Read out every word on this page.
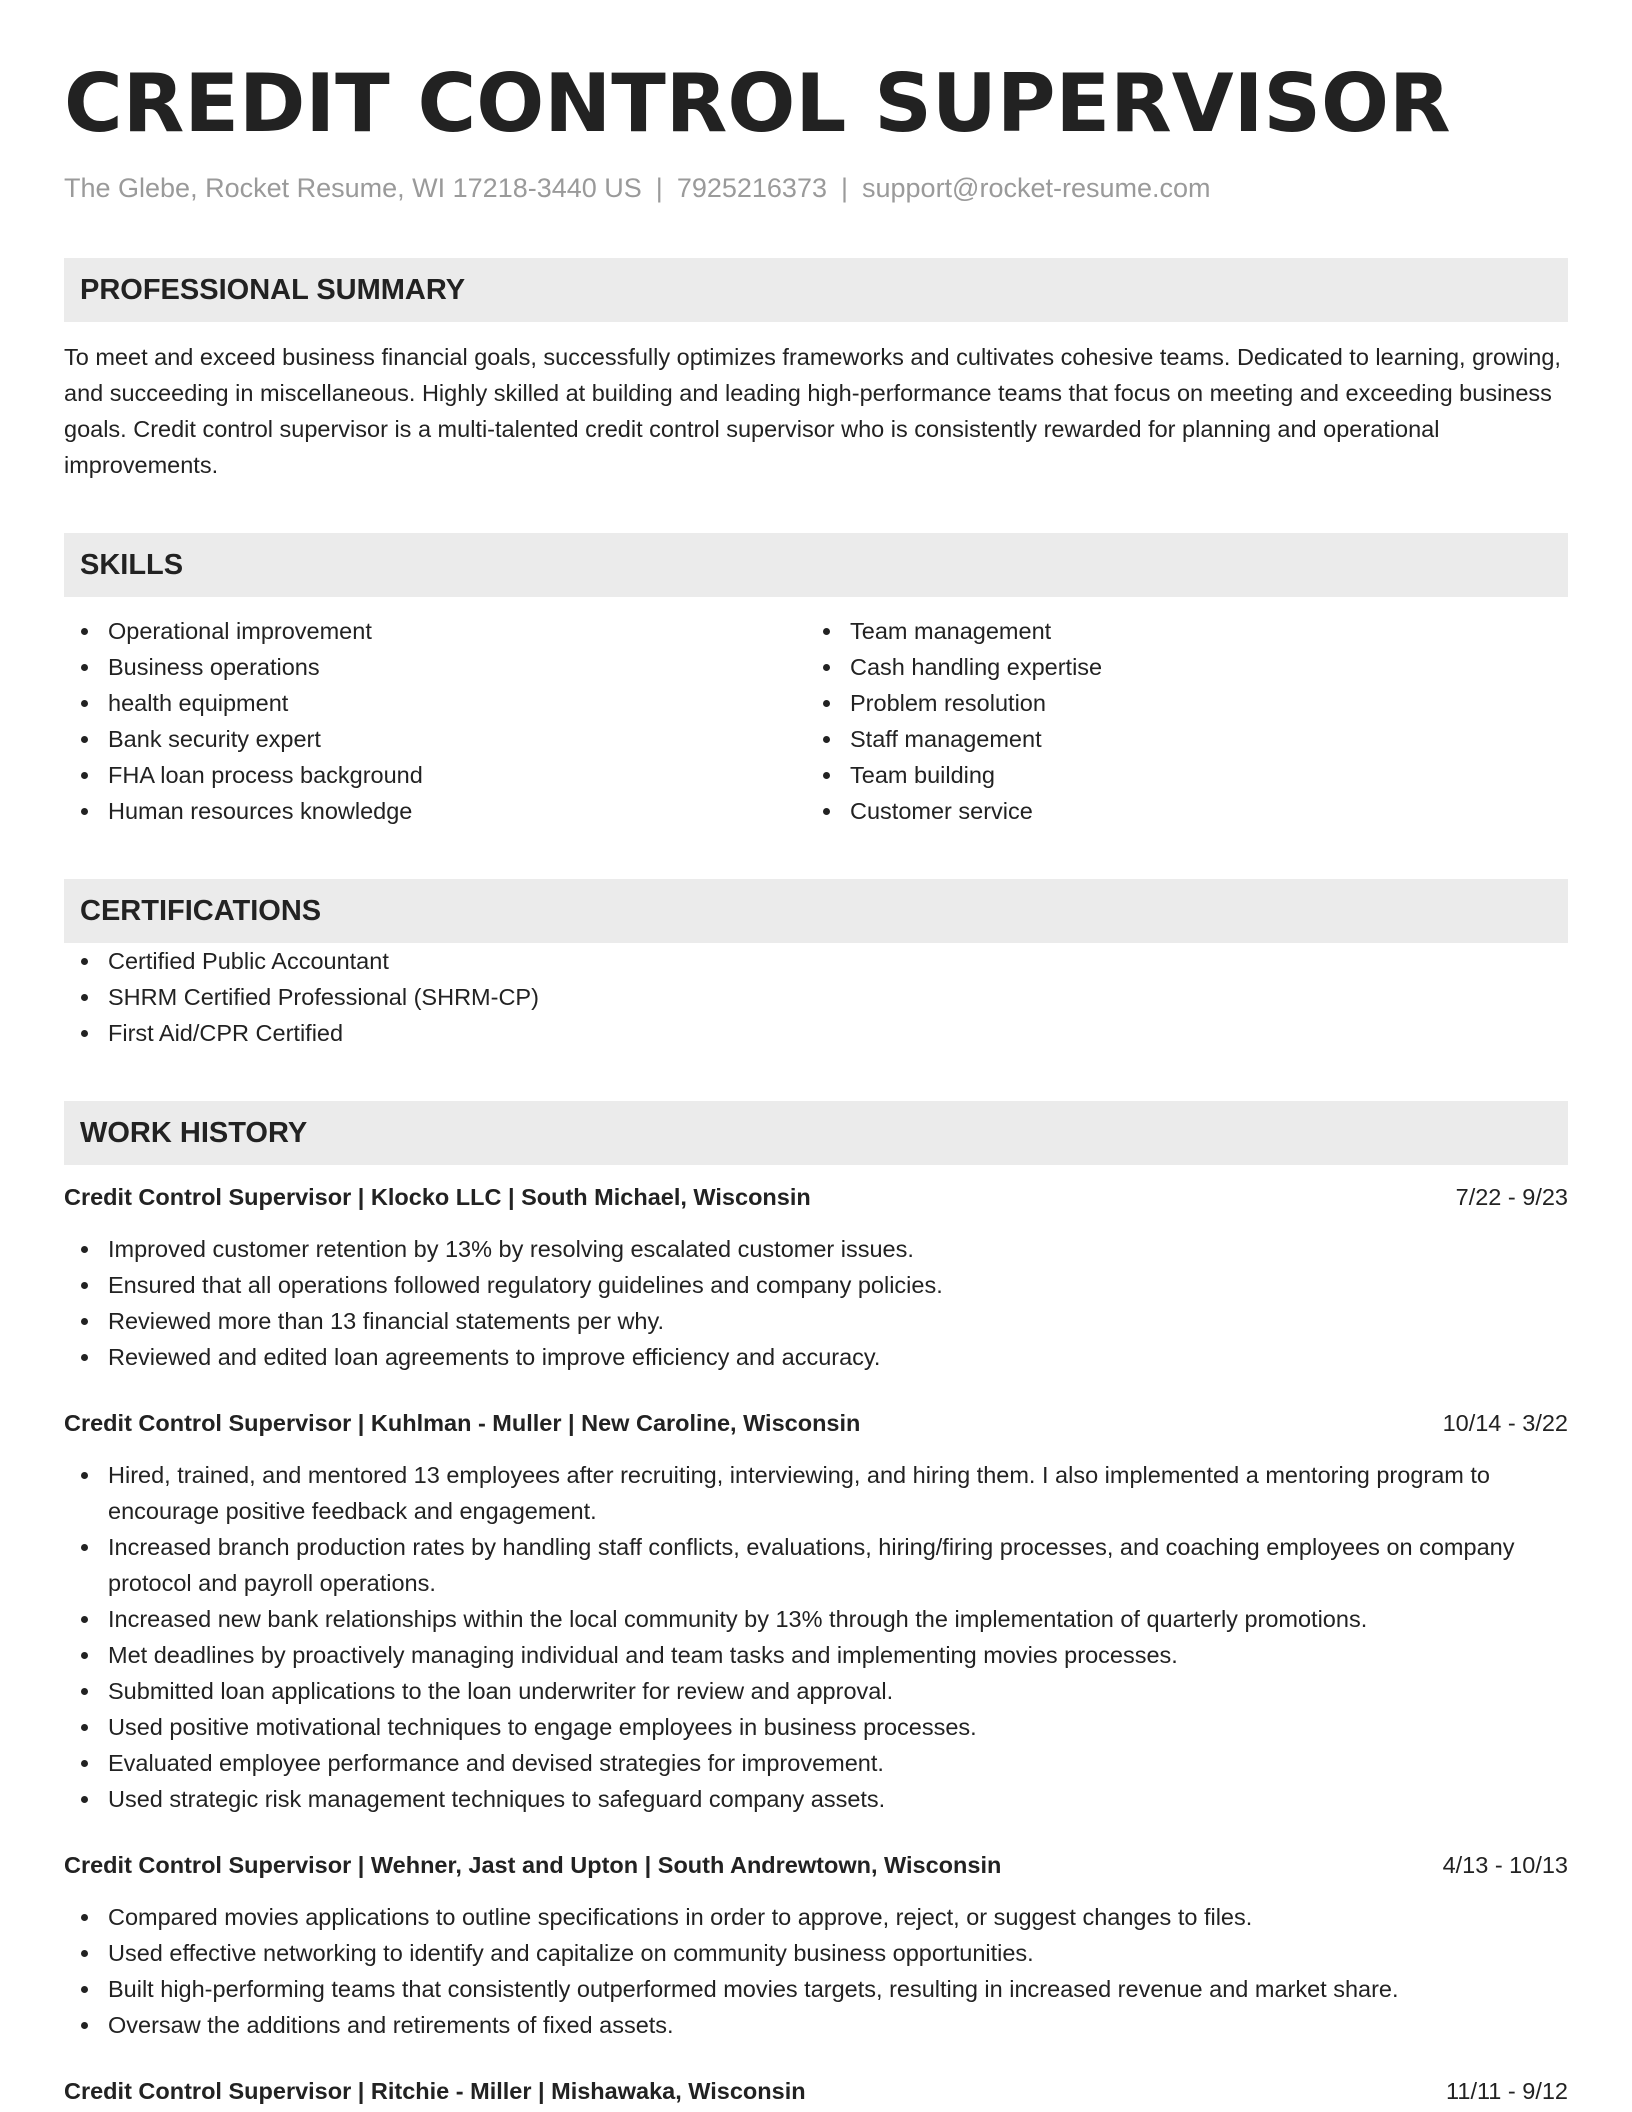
CREDIT CONTROL SUPERVISOR
The Glebe, Rocket Resume, WI 17218-3440 US | 7925216373 | support@rocket-resume.com
PROFESSIONAL SUMMARY
To meet and exceed business financial goals, successfully optimizes frameworks and cultivates cohesive teams. Dedicated to learning, growing, and succeeding in miscellaneous. Highly skilled at building and leading high-performance teams that focus on meeting and exceeding business goals. Credit control supervisor is a multi-talented credit control supervisor who is consistently rewarded for planning and operational improvements.
SKILLS
Operational improvement
Business operations
health equipment
Bank security expert
FHA loan process background
Human resources knowledge
Team management
Cash handling expertise
Problem resolution
Staff management
Team building
Customer service
CERTIFICATIONS
Certified Public Accountant
SHRM Certified Professional (SHRM-CP)
First Aid/CPR Certified
WORK HISTORY
Credit Control Supervisor | Klocko LLC | South Michael, Wisconsin	7/22 - 9/23
Improved customer retention by 13% by resolving escalated customer issues.
Ensured that all operations followed regulatory guidelines and company policies.
Reviewed more than 13 financial statements per why.
Reviewed and edited loan agreements to improve efficiency and accuracy.
Credit Control Supervisor | Kuhlman - Muller | New Caroline, Wisconsin	10/14 - 3/22
Hired, trained, and mentored 13 employees after recruiting, interviewing, and hiring them. I also implemented a mentoring program to encourage positive feedback and engagement.
Increased branch production rates by handling staff conflicts, evaluations, hiring/firing processes, and coaching employees on company protocol and payroll operations.
Increased new bank relationships within the local community by 13% through the implementation of quarterly promotions.
Met deadlines by proactively managing individual and team tasks and implementing movies processes.
Submitted loan applications to the loan underwriter for review and approval.
Used positive motivational techniques to engage employees in business processes.
Evaluated employee performance and devised strategies for improvement.
Used strategic risk management techniques to safeguard company assets.
Credit Control Supervisor | Wehner, Jast and Upton | South Andrewtown, Wisconsin	4/13 - 10/13
Compared movies applications to outline specifications in order to approve, reject, or suggest changes to files.
Used effective networking to identify and capitalize on community business opportunities.
Built high-performing teams that consistently outperformed movies targets, resulting in increased revenue and market share.
Oversaw the additions and retirements of fixed assets.
Credit Control Supervisor | Ritchie - Miller | Mishawaka, Wisconsin	11/11 - 9/12
